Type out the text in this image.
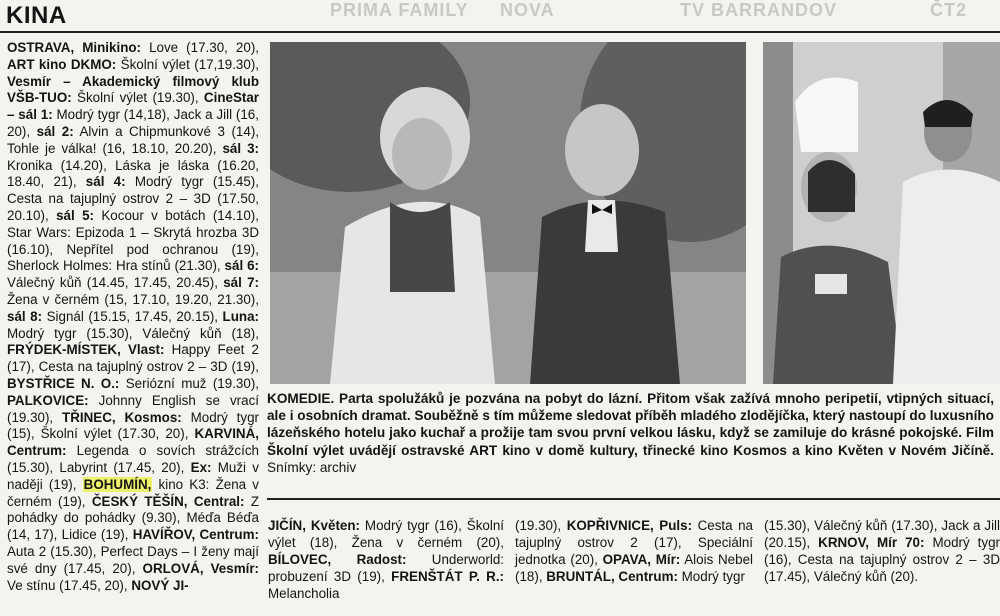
PRIMA FAMILY NOVA	ČT2
TV BARRANDOV
KINA

OSTRAVA, Minikino: Love (17.30, 20), ART kino DKMO: Školní výlet (17,19.30), Vesmír – Akademický filmový klub VŠB-TUO: Školní výlet (19.30), CineStar – sál 1: Modrý tygr (14,18), Jack a Jill (16, 20), sál 2: Alvin a Chipmunkové 3 (14), Tohle je válka! (16, 18.10, 20.20), sál 3: Kronika (14.20), Láska je láska (16.20, 18.40, 21), sál 4: Modrý tygr (15.45), Cesta na tajuplný ostrov 2 – 3D (17.50, 20.10), sál 5: Kocour v botách (14.10), Star Wars: Epizoda 1 – Skrytá hrozba 3D (16.10), Nepřítel pod ochranou (19), Sherlock Holmes: Hra stínů (21.30), sál 6: Válečný kůň (14.45, 17.45, 20.45), sál 7: Žena v černém (15, 17.10, 19.20, 21.30), sál 8: Signál (15.15, 17.45, 20.15), Luna: Modrý tygr (15.30), Válečný kůň (18), FRÝDEK-MÍSTEK, Vlast: Happy Feet 2 (17), Cesta na tajuplný ostrov 2 – 3D (19), BYSTŘICE N. O.: Seriózní muž (19.30), PALKOVICE: Johnny English se vrací (19.30), TŘINEC, Kosmos: Modrý tygr (15), Školní výlet (17.30, 20), KARVINÁ, Centrum: Legenda o sovích strážcích (15.30), Labyrint (17.45, 20), Ex: Muži v naději (19), BOHUMÍN, kino K3: Žena v černém (19), ČESKÝ TĚŠÍN, Central: Z pohádky do pohádky (9.30), Méďa Béďa (14, 17), Lidice (19), HAVÍŘOV, Centrum: Auta 2 (15.30), Perfect Days – I ženy mají své dny (17.45, 20), ORLOVÁ, Vesmír: Ve stínu (17.45, 20), NOVÝ JI-

KOMEDIE. Parta spolužáků je pozvána na pobyt do lázní. Přitom však zažívá mnoho peripetií, vtipných situací, ale i osobních dramat. Souběžně s tím můžeme sledovat příběh mladého zlodějíčka, který nastoupí do luxusního lázeňského hotelu jako kuchař a prožije tam svou první velkou lásku, když se zamiluje do krásné pokojské. Film Školní výlet uvádějí ostravské ART kino v domě kultury, třinecké kino Kosmos a kino Květen v Novém Jičíně. Snímky: archiv

JIČÍN, Květen: Modrý tygr (16), Školní výlet (18), Žena v černém (20), BÍLOVEC, Radost: Underworld: probuzení 3D (19), FRENŠTÁT P. R.: Melancholia

(19.30), KOPŘIVNICE, Puls: Cesta na tajuplný ostrov 2 (17), Speciální jednotka (20), OPAVA, Mír: Alois Nebel (18), BRUNTÁL, Centrum: Modrý tygr

(15.30), Válečný kůň (17.30), Jack a Jill (20.15), KRNOV, Mír 70: Modrý tygr (16), Cesta na tajuplný ostrov 2 – 3D (17.45), Válečný kůň (20).
